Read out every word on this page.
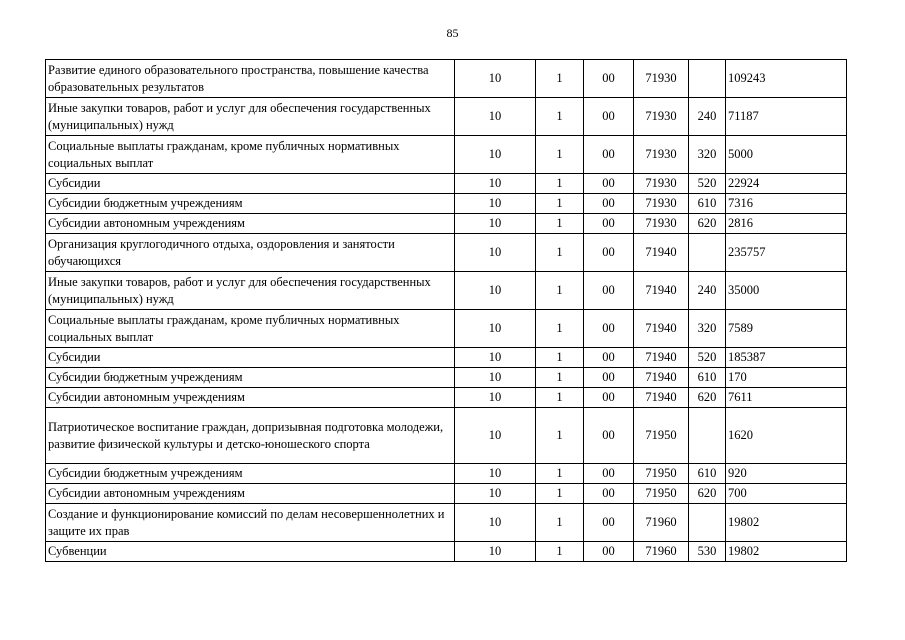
85
Развитие единого образовательного пространства, повышение качества образовательных результатов	10	1	00	71930		109243
Иные закупки товаров, работ и услуг для обеспечения государственных (муниципальных) нужд	10	1	00	71930	240	71187
Социальные выплаты гражданам, кроме публичных нормативных социальных выплат	10	1	00	71930	320	5000
Субсидии	10	1	00	71930	520	22924
Субсидии бюджетным учреждениям	10	1	00	71930	610	7316
Субсидии автономным учреждениям	10	1	00	71930	620	2816
Организация круглогодичного отдыха, оздоровления и занятости обучающихся	10	1	00	71940		235757
Иные закупки товаров, работ и услуг для обеспечения государственных (муниципальных) нужд	10	1	00	71940	240	35000
Социальные выплаты гражданам, кроме публичных нормативных социальных выплат	10	1	00	71940	320	7589
Субсидии	10	1	00	71940	520	185387
Субсидии бюджетным учреждениям	10	1	00	71940	610	170
Субсидии автономным учреждениям	10	1	00	71940	620	7611
Патриотическое воспитание граждан, допризывная подготовка молодежи, развитие физической культуры и детско-юношеского спорта	10	1	00	71950		1620
Субсидии бюджетным учреждениям	10	1	00	71950	610	920
Субсидии автономным учреждениям	10	1	00	71950	620	700
Создание и функционирование комиссий по делам несовершеннолетних и защите их прав	10	1	00	71960		19802
Субвенции	10	1	00	71960	530	19802
